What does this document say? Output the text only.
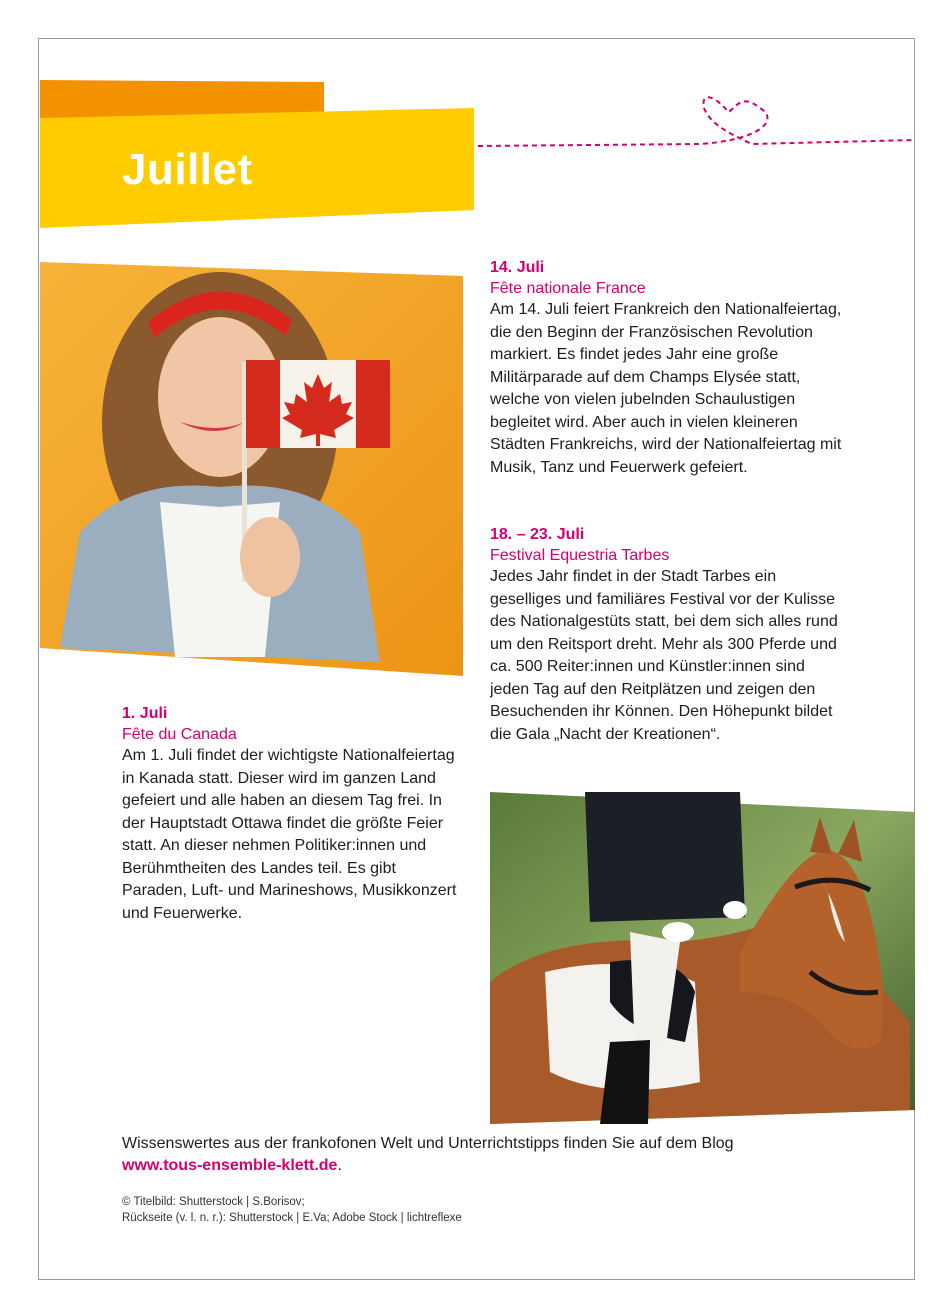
Juillet
14. Juli
Fête nationale France

Am 14. Juli feiert Frankreich den Nationalfeiertag, die den Beginn der Französischen Revolution markiert. Es findet jedes Jahr eine große Militärparade auf dem Champs Elysée statt, welche von vielen jubelnden Schaulustigen begleitet wird. Aber auch in vielen kleineren Städten Frankreichs, wird der Nationalfeiertag mit Musik, Tanz und Feuerwerk gefeiert.

18. – 23. Juli
Festival Equestria Tarbes

Jedes Jahr findet in der Stadt Tarbes ein geselliges und familiäres Festival vor der Kulisse des Nationalgestüts statt, bei dem sich alles rund um den Reitsport dreht. Mehr als 300 Pferde und ca. 500 Reiter:innen und Künstler:innen sind jeden Tag auf den Reitplätzen und zeigen den Besuchenden ihr Können. Den Höhepunkt bildet die Gala „Nacht der Kreationen“.

1. Juli
Fête du Canada

Am 1. Juli findet der wichtigste Nationalfeiertag in Kanada statt. Dieser wird im ganzen Land gefeiert und alle haben an diesem Tag frei. In der Hauptstadt Ottawa findet die größte Feier statt. An dieser nehmen Politiker:innen und Berühmtheiten des Landes teil. Es gibt Paraden, Luft- und Marineshows, Musikkonzert und Feuerwerke.

Wissenswertes aus der frankofonen Welt und Unterrichtstipps finden Sie auf dem Blog
www.tous-ensemble-klett.de.
© Titelbild: Shutterstock | S.Borisov;
Rückseite (v. l. n. r.): Shutterstock | E.Va; Adobe Stock | lichtreflexe
